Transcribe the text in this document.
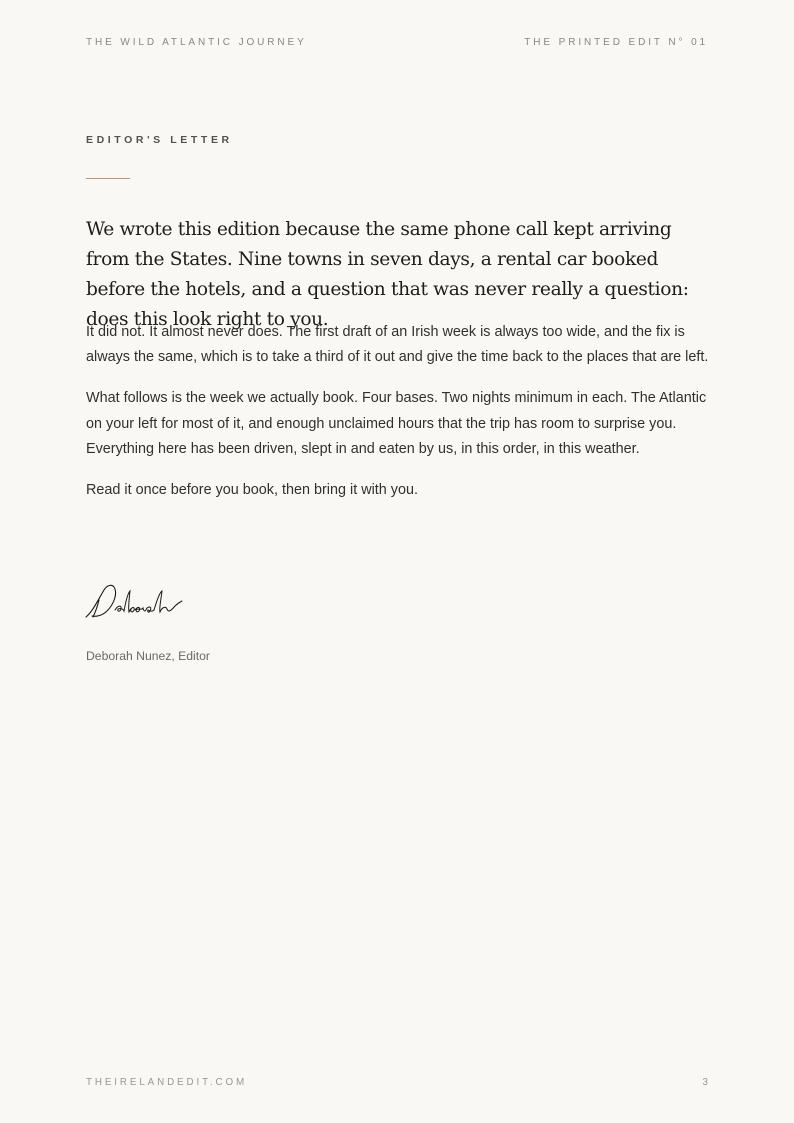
THE WILD ATLANTIC JOURNEY	THE PRINTED EDIT N° 01
EDITOR'S LETTER

We wrote this edition because the same phone call kept arriving from the States. Nine towns in seven days, a rental car booked before the hotels, and a question that was never really a question: does this look right to you.

It did not. It almost never does. The first draft of an Irish week is always too wide, and the fix is always the same, which is to take a third of it out and give the time back to the places that are left.

What follows is the week we actually book. Four bases. Two nights minimum in each. The Atlantic on your left for most of it, and enough unclaimed hours that the trip has room to surprise you. Everything here has been driven, slept in and eaten by us, in this order, in this weather.

Read it once before you book, then bring it with you.

Deborah Nunez, Editor
THEIRELANDEDIT.COM	3
